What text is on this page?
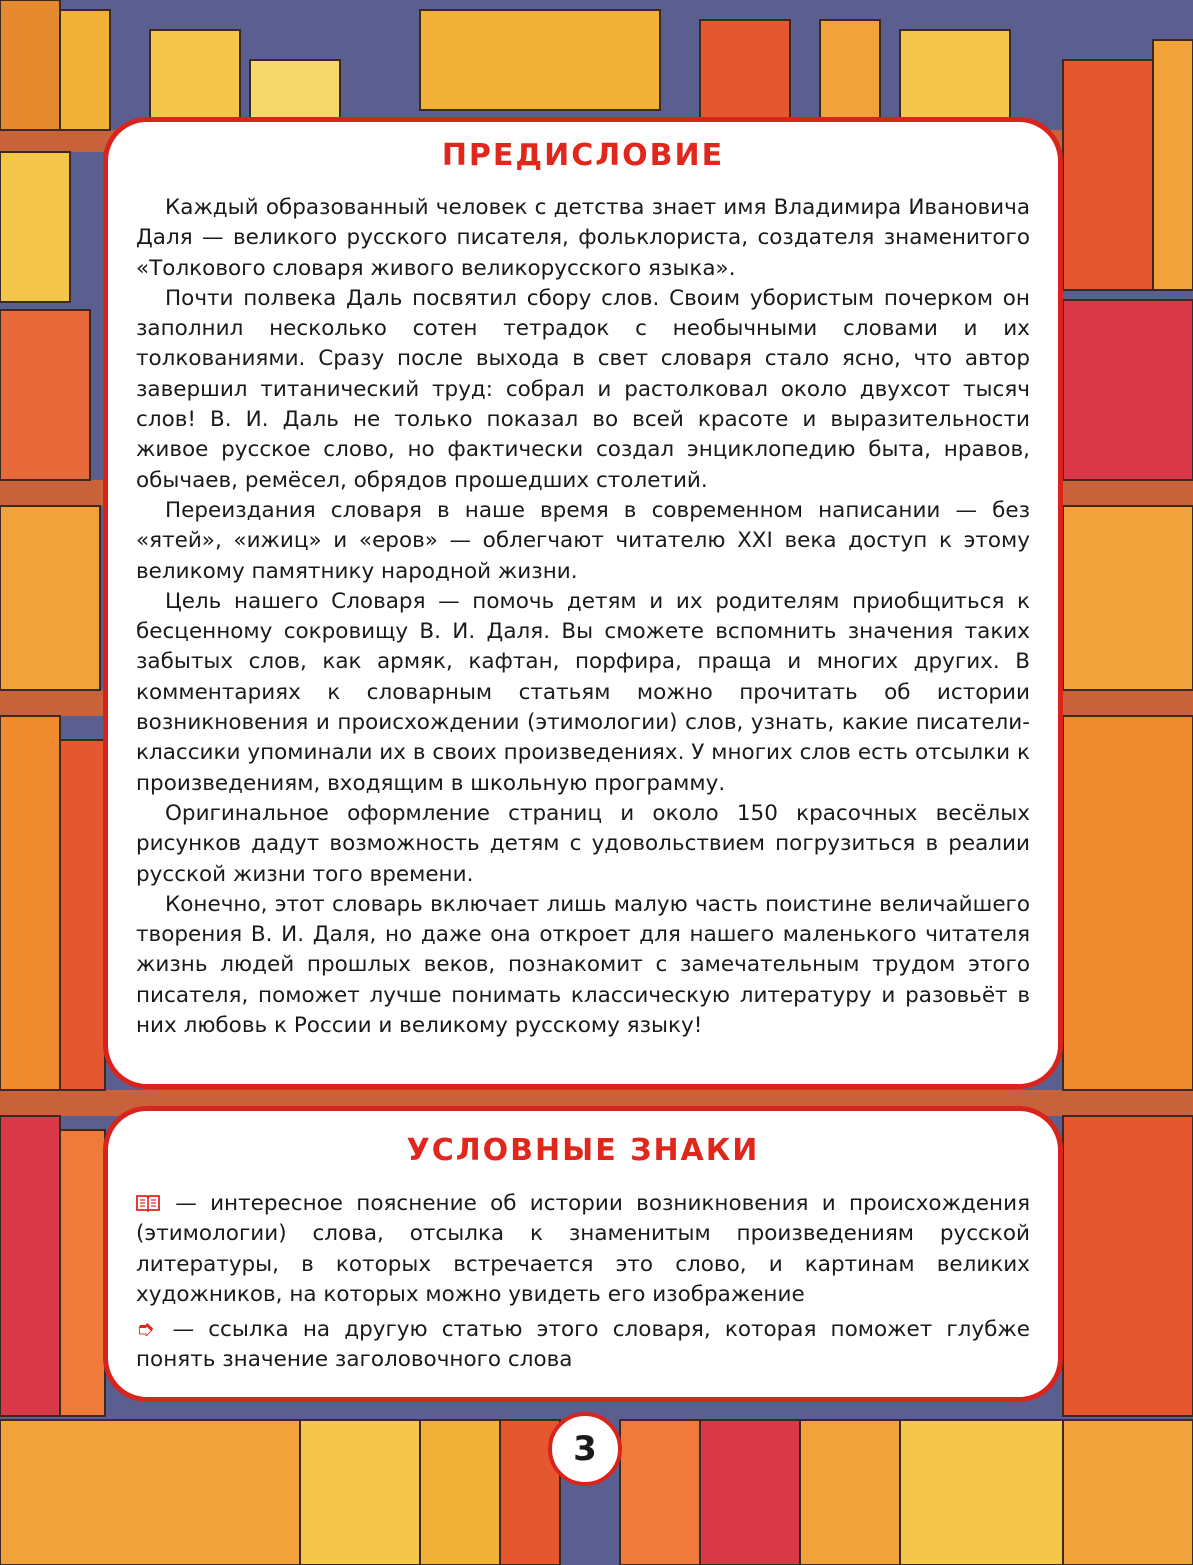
ПРЕДИСЛОВИЕ

Каждый образованный человек с детства знает имя Владимира Ивановича Даля — великого русского писателя, фольклориста, создателя знаменитого «Толкового словаря живого великорусского языка».

Почти полвека Даль посвятил сбору слов. Своим убористым почерком он заполнил несколько сотен тетрадок с необычными словами и их толкованиями. Сразу после выхода в свет словаря стало ясно, что автор завершил титанический труд: собрал и растолковал около двухсот тысяч слов! В. И. Даль не только показал во всей красоте и выразительности живое русское слово, но фактически создал энциклопедию быта, нравов, обычаев, ремёсел, обрядов прошедших столетий.

Переиздания словаря в наше время в современном написании — без «ятей», «ижиц» и «еров» — облегчают читателю XXI века доступ к этому великому памятнику народной жизни.

Цель нашего Словаря — помочь детям и их родителям приобщиться к бесценному сокровищу В. И. Даля. Вы сможете вспомнить значения таких забытых слов, как армяк, кафтан, порфира, праща и многих других. В комментариях к словарным статьям можно прочитать об истории возникновения и происхождении (этимологии) слов, узнать, какие писатели-классики упоминали их в своих произведениях. У многих слов есть отсылки к произведениям, входящим в школьную программу.

Оригинальное оформление страниц и около 150 красочных весёлых рисунков дадут возможность детям с удовольствием погрузиться в реалии русской жизни того времени.

Конечно, этот словарь включает лишь малую часть поистине величайшего творения В. И. Даля, но даже она откроет для нашего маленького читателя жизнь людей прошлых веков, познакомит с замечательным трудом этого писателя, поможет лучше понимать классическую литературу и разовьёт в них любовь к России и великому русскому языку!

УСЛОВНЫЕ ЗНАКИ

— интересное пояснение об истории возникновения и происхождения (этимологии) слова, отсылка к знаменитым произведениям русской литературы, в которых встречается это слово, и картинам великих художников, на которых можно увидеть его изображение

➮ — ссылка на другую статью этого словаря, которая поможет глубже понять значение заголовочного слова

3
